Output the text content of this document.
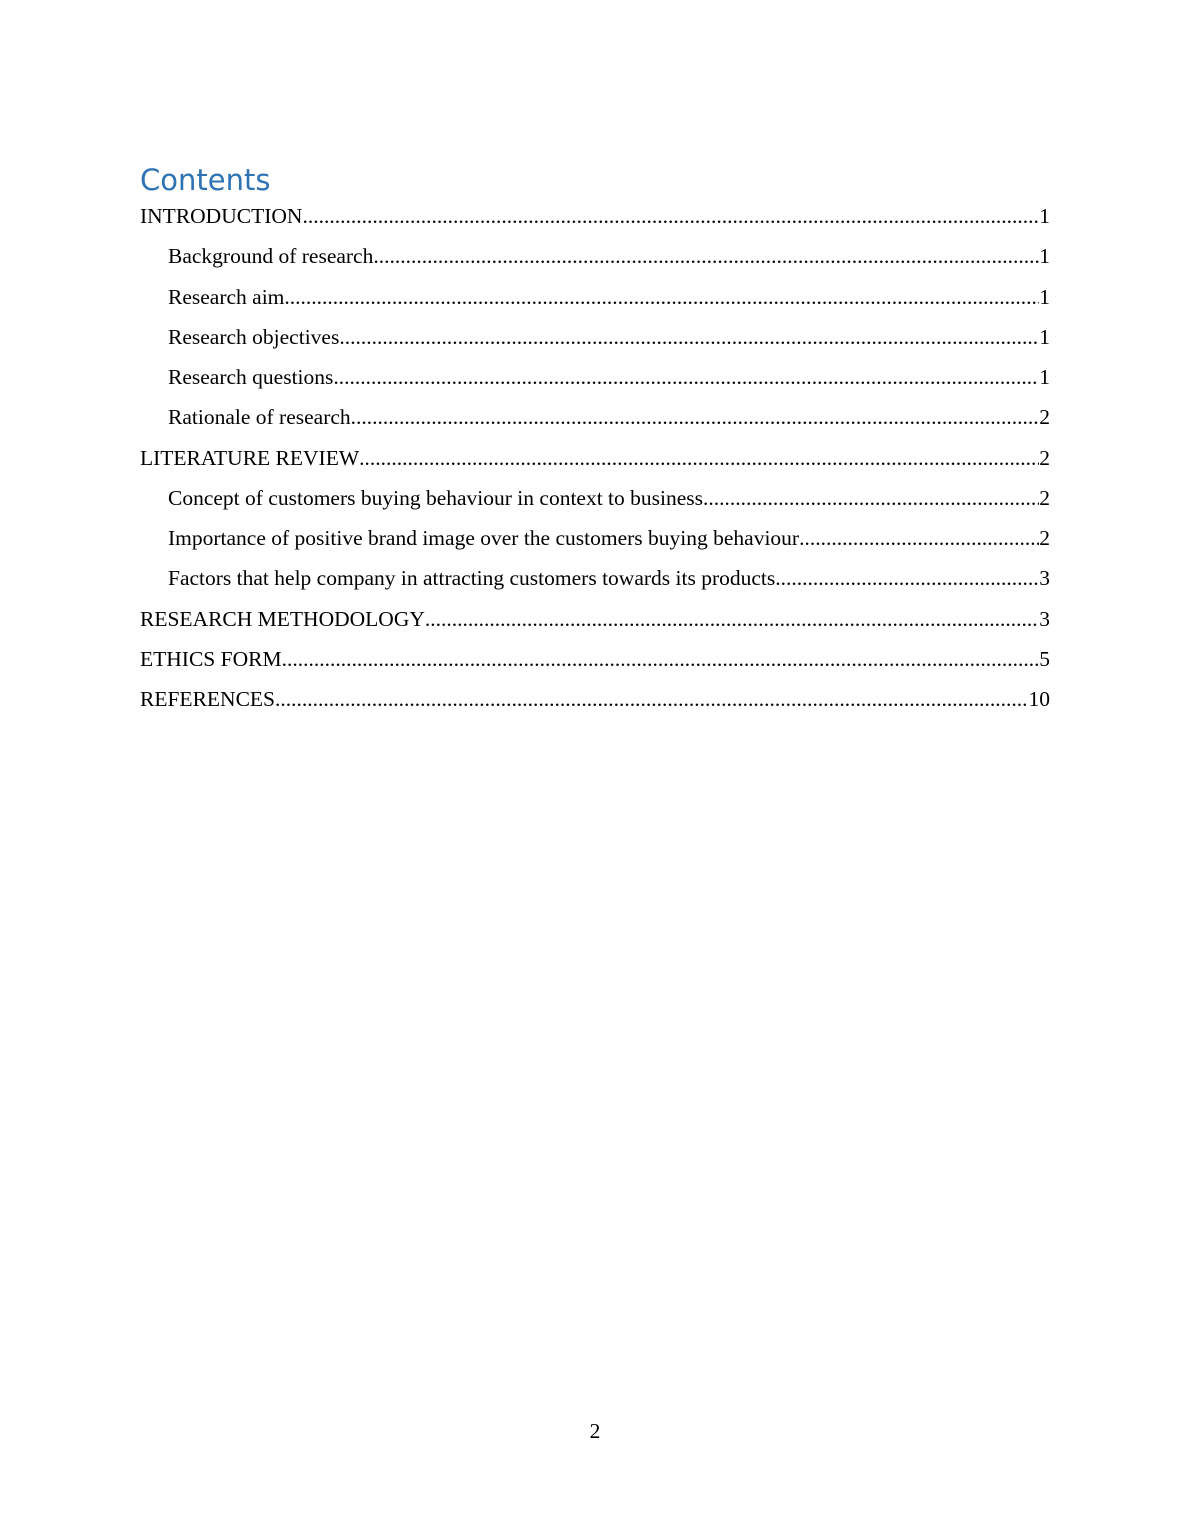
Contents
INTRODUCTION .....	1
Background of research .....	1
Research aim .....	1
Research objectives .....	1
Research questions .....	1
Rationale of research .....	2
LITERATURE REVIEW .....	2
Concept of customers buying behaviour in context to business .....	2
Importance of positive brand image over the customers buying behaviour .....	2
Factors that help company in attracting customers towards its products .....	3
RESEARCH METHODOLOGY .....	3
ETHICS FORM .....	5
REFERENCES .....	10
2
